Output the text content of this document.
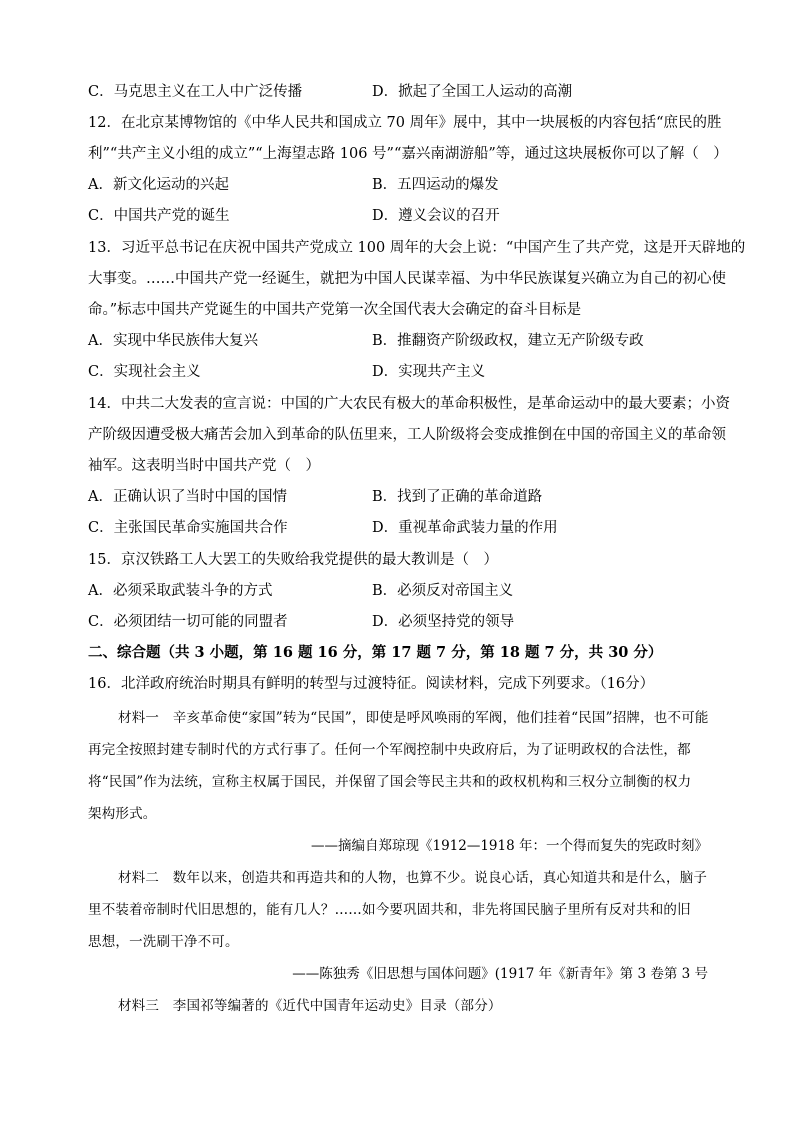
C．马克思主义在工人中广泛传播	D．掀起了全国工人运动的高潮
12．在北京某博物馆的《中华人民共和国成立 70 周年》展中，其中一块展板的内容包括“庶民的胜
利”“共产主义小组的成立”“上海望志路 106 号”“嘉兴南湖游船”等，通过这块展板你可以了解（　）
A．新文化运动的兴起	B．五四运动的爆发
C．中国共产党的诞生	D．遵义会议的召开
13．习近平总书记在庆祝中国共产党成立 100 周年的大会上说：“中国产生了共产党，这是开天辟地的
大事变。……中国共产党一经诞生，就把为中国人民谋幸福、为中华民族谋复兴确立为自己的初心使
命。”标志中国共产党诞生的中国共产党第一次全国代表大会确定的奋斗目标是
A．实现中华民族伟大复兴	B．推翻资产阶级政权，建立无产阶级专政
C．实现社会主义	D．实现共产主义
14．中共二大发表的宣言说：中国的广大农民有极大的革命积极性，是革命运动中的最大要素；小资
产阶级因遭受极大痛苦会加入到革命的队伍里来，工人阶级将会变成推倒在中国的帝国主义的革命领
袖军。这表明当时中国共产党（　）
A．正确认识了当时中国的国情	B．找到了正确的革命道路
C．主张国民革命实施国共合作	D．重视革命武装力量的作用
15．京汉铁路工人大罢工的失败给我党提供的最大教训是（　）
A．必须采取武装斗争的方式	B．必须反对帝国主义
C．必须团结一切可能的同盟者	D．必须坚持党的领导
二、综合题（共 3 小题，第 16 题 16 分，第 17 题 7 分，第 18 题 7 分，共 30 分）
16．北洋政府统治时期具有鲜明的转型与过渡特征。阅读材料，完成下列要求。（16分）
材料一　辛亥革命使“家国”转为“民国”，即使是呼风唤雨的军阀，他们挂着“民国”招牌，也不可能
再完全按照封建专制时代的方式行事了。任何一个军阀控制中央政府后，为了证明政权的合法性，都
将“民国”作为法统，宣称主权属于国民，并保留了国会等民主共和的政权机构和三权分立制衡的权力
架构形式。
——摘编自郑琼现《1912—1918 年：一个得而复失的宪政时刻》
材料二　数年以来，创造共和再造共和的人物，也算不少。说良心话，真心知道共和是什么，脑子
里不装着帝制时代旧思想的，能有几人？……如今要巩固共和，非先将国民脑子里所有反对共和的旧
思想，一洗刷干净不可。
——陈独秀《旧思想与国体问题》(1917 年《新青年》第 3 卷第 3 号
材料三　李国祁等编著的《近代中国青年运动史》目录（部分）
